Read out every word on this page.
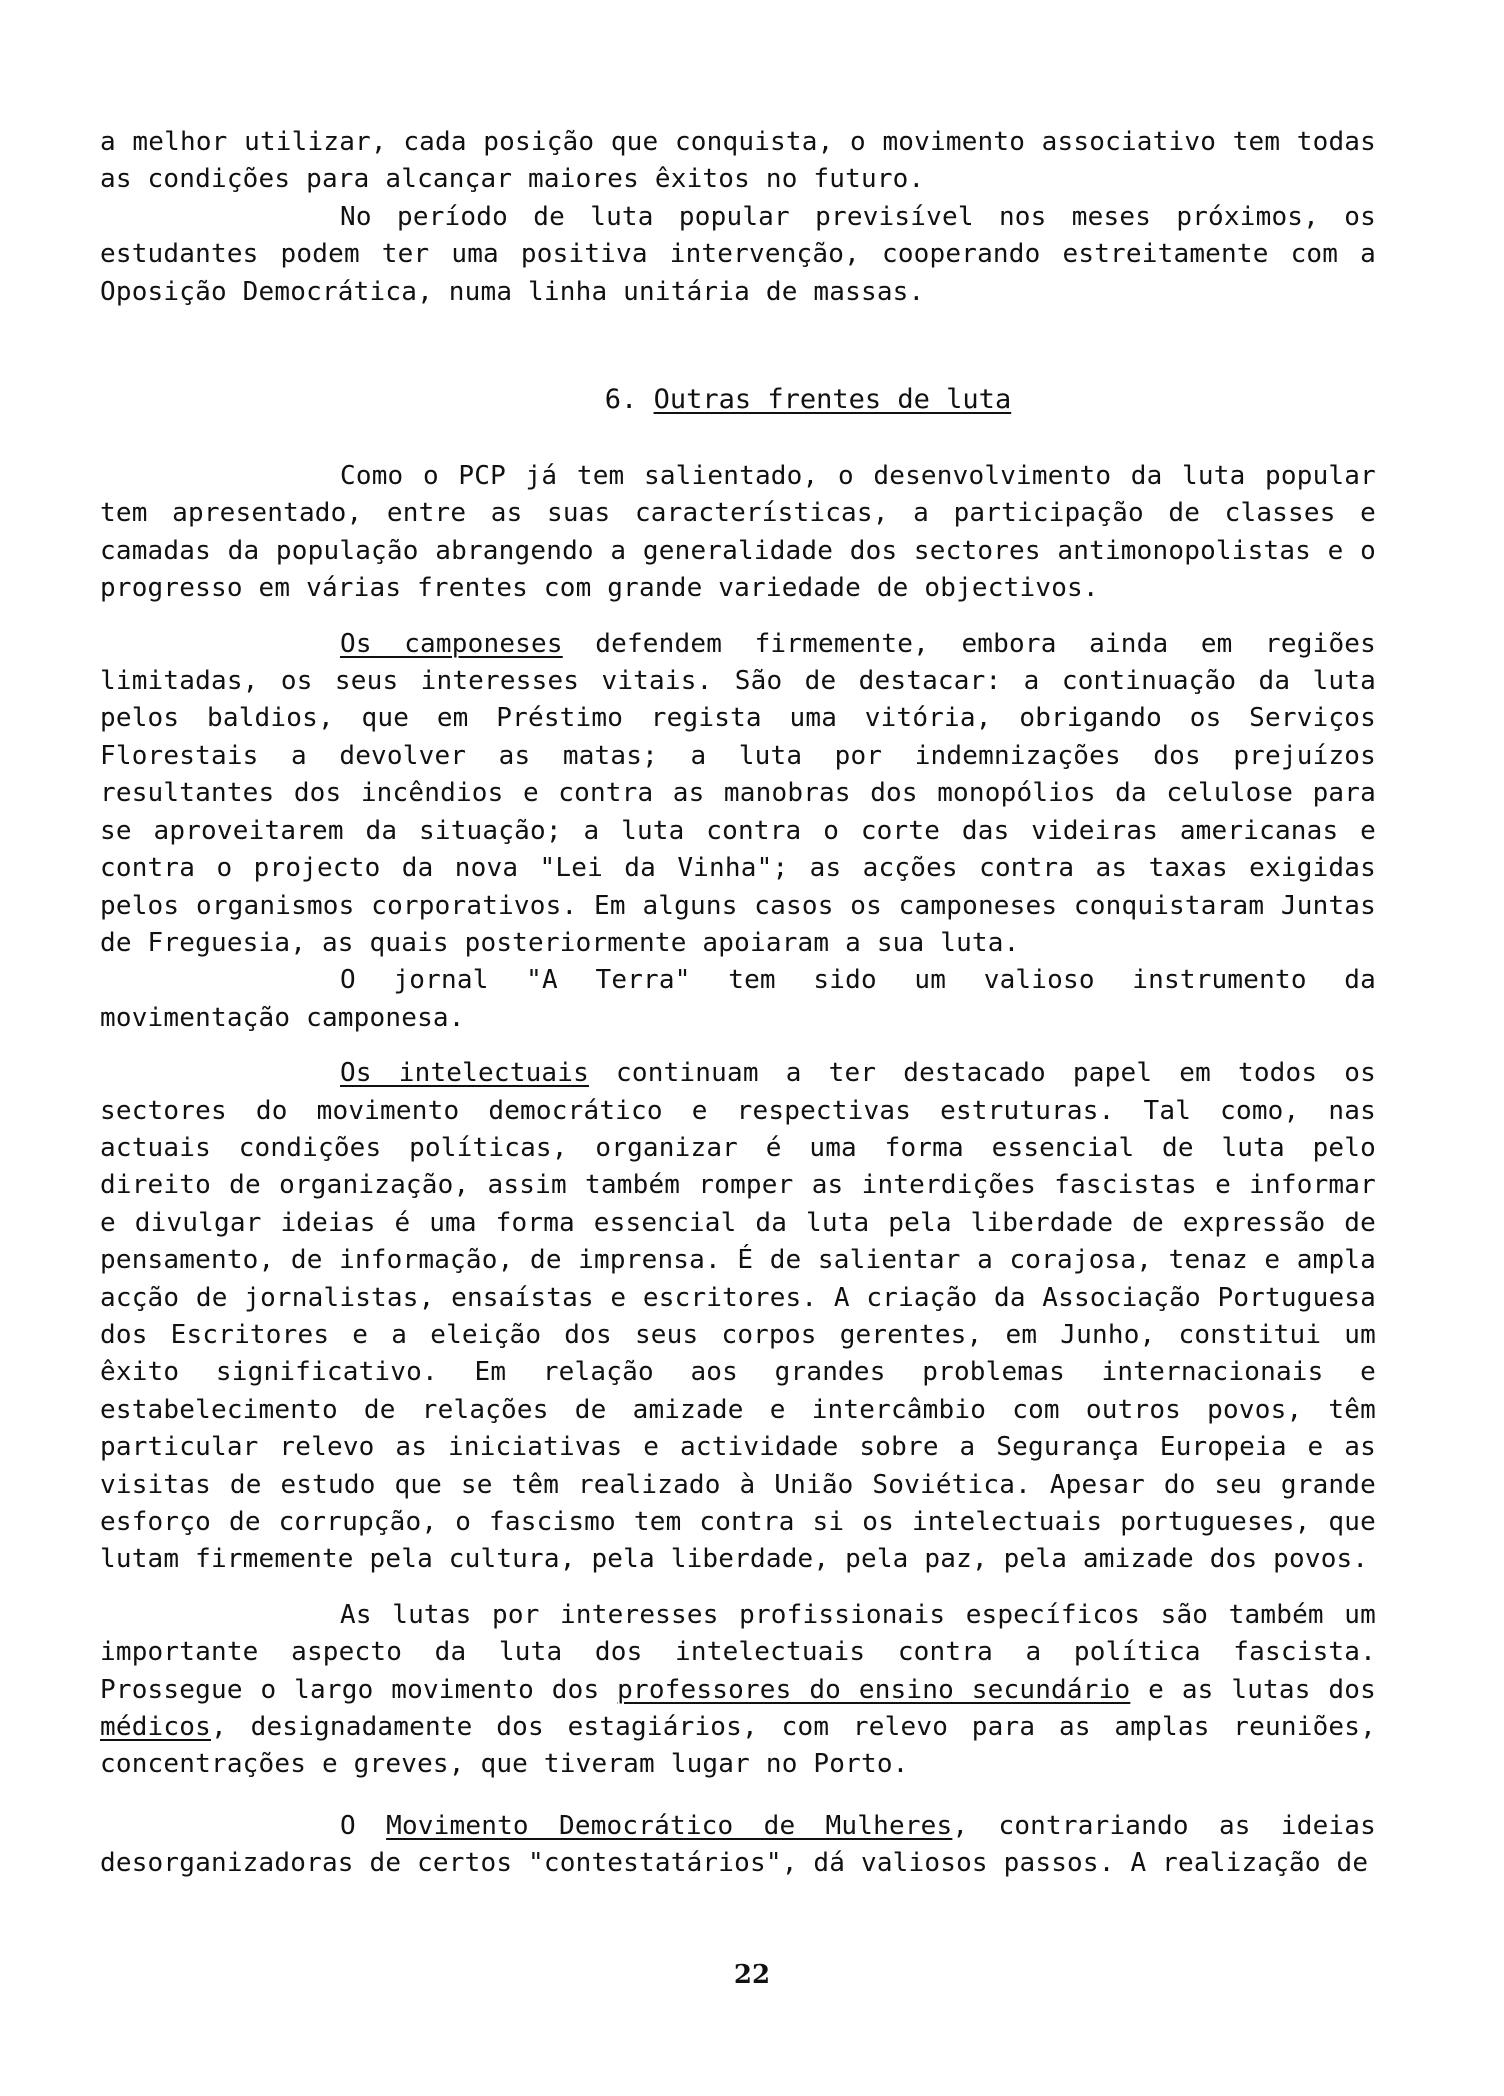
a melhor utilizar, cada posição que conquista, o movimento associativo tem todas as condições para alcançar maiores êxitos no futuro.

No período de luta popular previsível nos meses próximos, os estudantes podem ter uma positiva intervenção, cooperando estreitamente com a Oposição Democrática, numa linha unitária de massas.

6. Outras frentes de luta

Como o PCP já tem salientado, o desenvolvimento da luta popular tem apresentado, entre as suas características, a participação de classes e camadas da população abrangendo a generalidade dos sectores antimonopolistas e o progresso em várias frentes com grande variedade de objectivos.

Os camponeses defendem firmemente, embora ainda em regiões limitadas, os seus interesses vitais. São de destacar: a continuação da luta pelos baldios, que em Préstimo regista uma vitória, obrigando os Serviços Florestais a devolver as matas; a luta por indemnizações dos prejuízos resultantes dos incêndios e contra as manobras dos monopólios da celulose para se aproveitarem da situação; a luta contra o corte das videiras americanas e contra o projecto da nova "Lei da Vinha"; as acções contra as taxas exigidas pelos organismos corporativos. Em alguns casos os camponeses conquistaram Juntas de Freguesia, as quais posteriormente apoiaram a sua luta.

O jornal "A Terra" tem sido um valioso instrumento da movimentação camponesa.

Os intelectuais continuam a ter destacado papel em todos os sectores do movimento democrático e respectivas estruturas. Tal como, nas actuais condições políticas, organizar é uma forma essencial de luta pelo direito de organização, assim também romper as interdições fascistas e informar e divulgar ideias é uma forma essencial da luta pela liberdade de expressão de pensamento, de informação, de imprensa. É de salientar a corajosa, tenaz e ampla acção de jornalistas, ensaístas e escritores. A criação da Associação Portuguesa dos Escritores e a eleição dos seus corpos gerentes, em Junho, constitui um êxito significativo. Em relação aos grandes problemas internacionais e estabelecimento de relações de amizade e intercâmbio com outros povos, têm particular relevo as iniciativas e actividade sobre a Segurança Europeia e as visitas de estudo que se têm realizado à União Soviética. Apesar do seu grande esforço de corrupção, o fascismo tem contra si os intelectuais portugueses, que lutam firmemente pela cultura, pela liberdade, pela paz, pela amizade dos povos.

As lutas por interesses profissionais específicos são também um importante aspecto da luta dos intelectuais contra a política fascista. Prossegue o largo movimento dos professores do ensino secundário e as lutas dos médicos, designadamente dos estagiários, com relevo para as amplas reuniões, concentrações e greves, que tiveram lugar no Porto.

O Movimento Democrático de Mulheres, contrariando as ideias desorganizadoras de certos "contestatários", dá valiosos passos. A realização de

22
